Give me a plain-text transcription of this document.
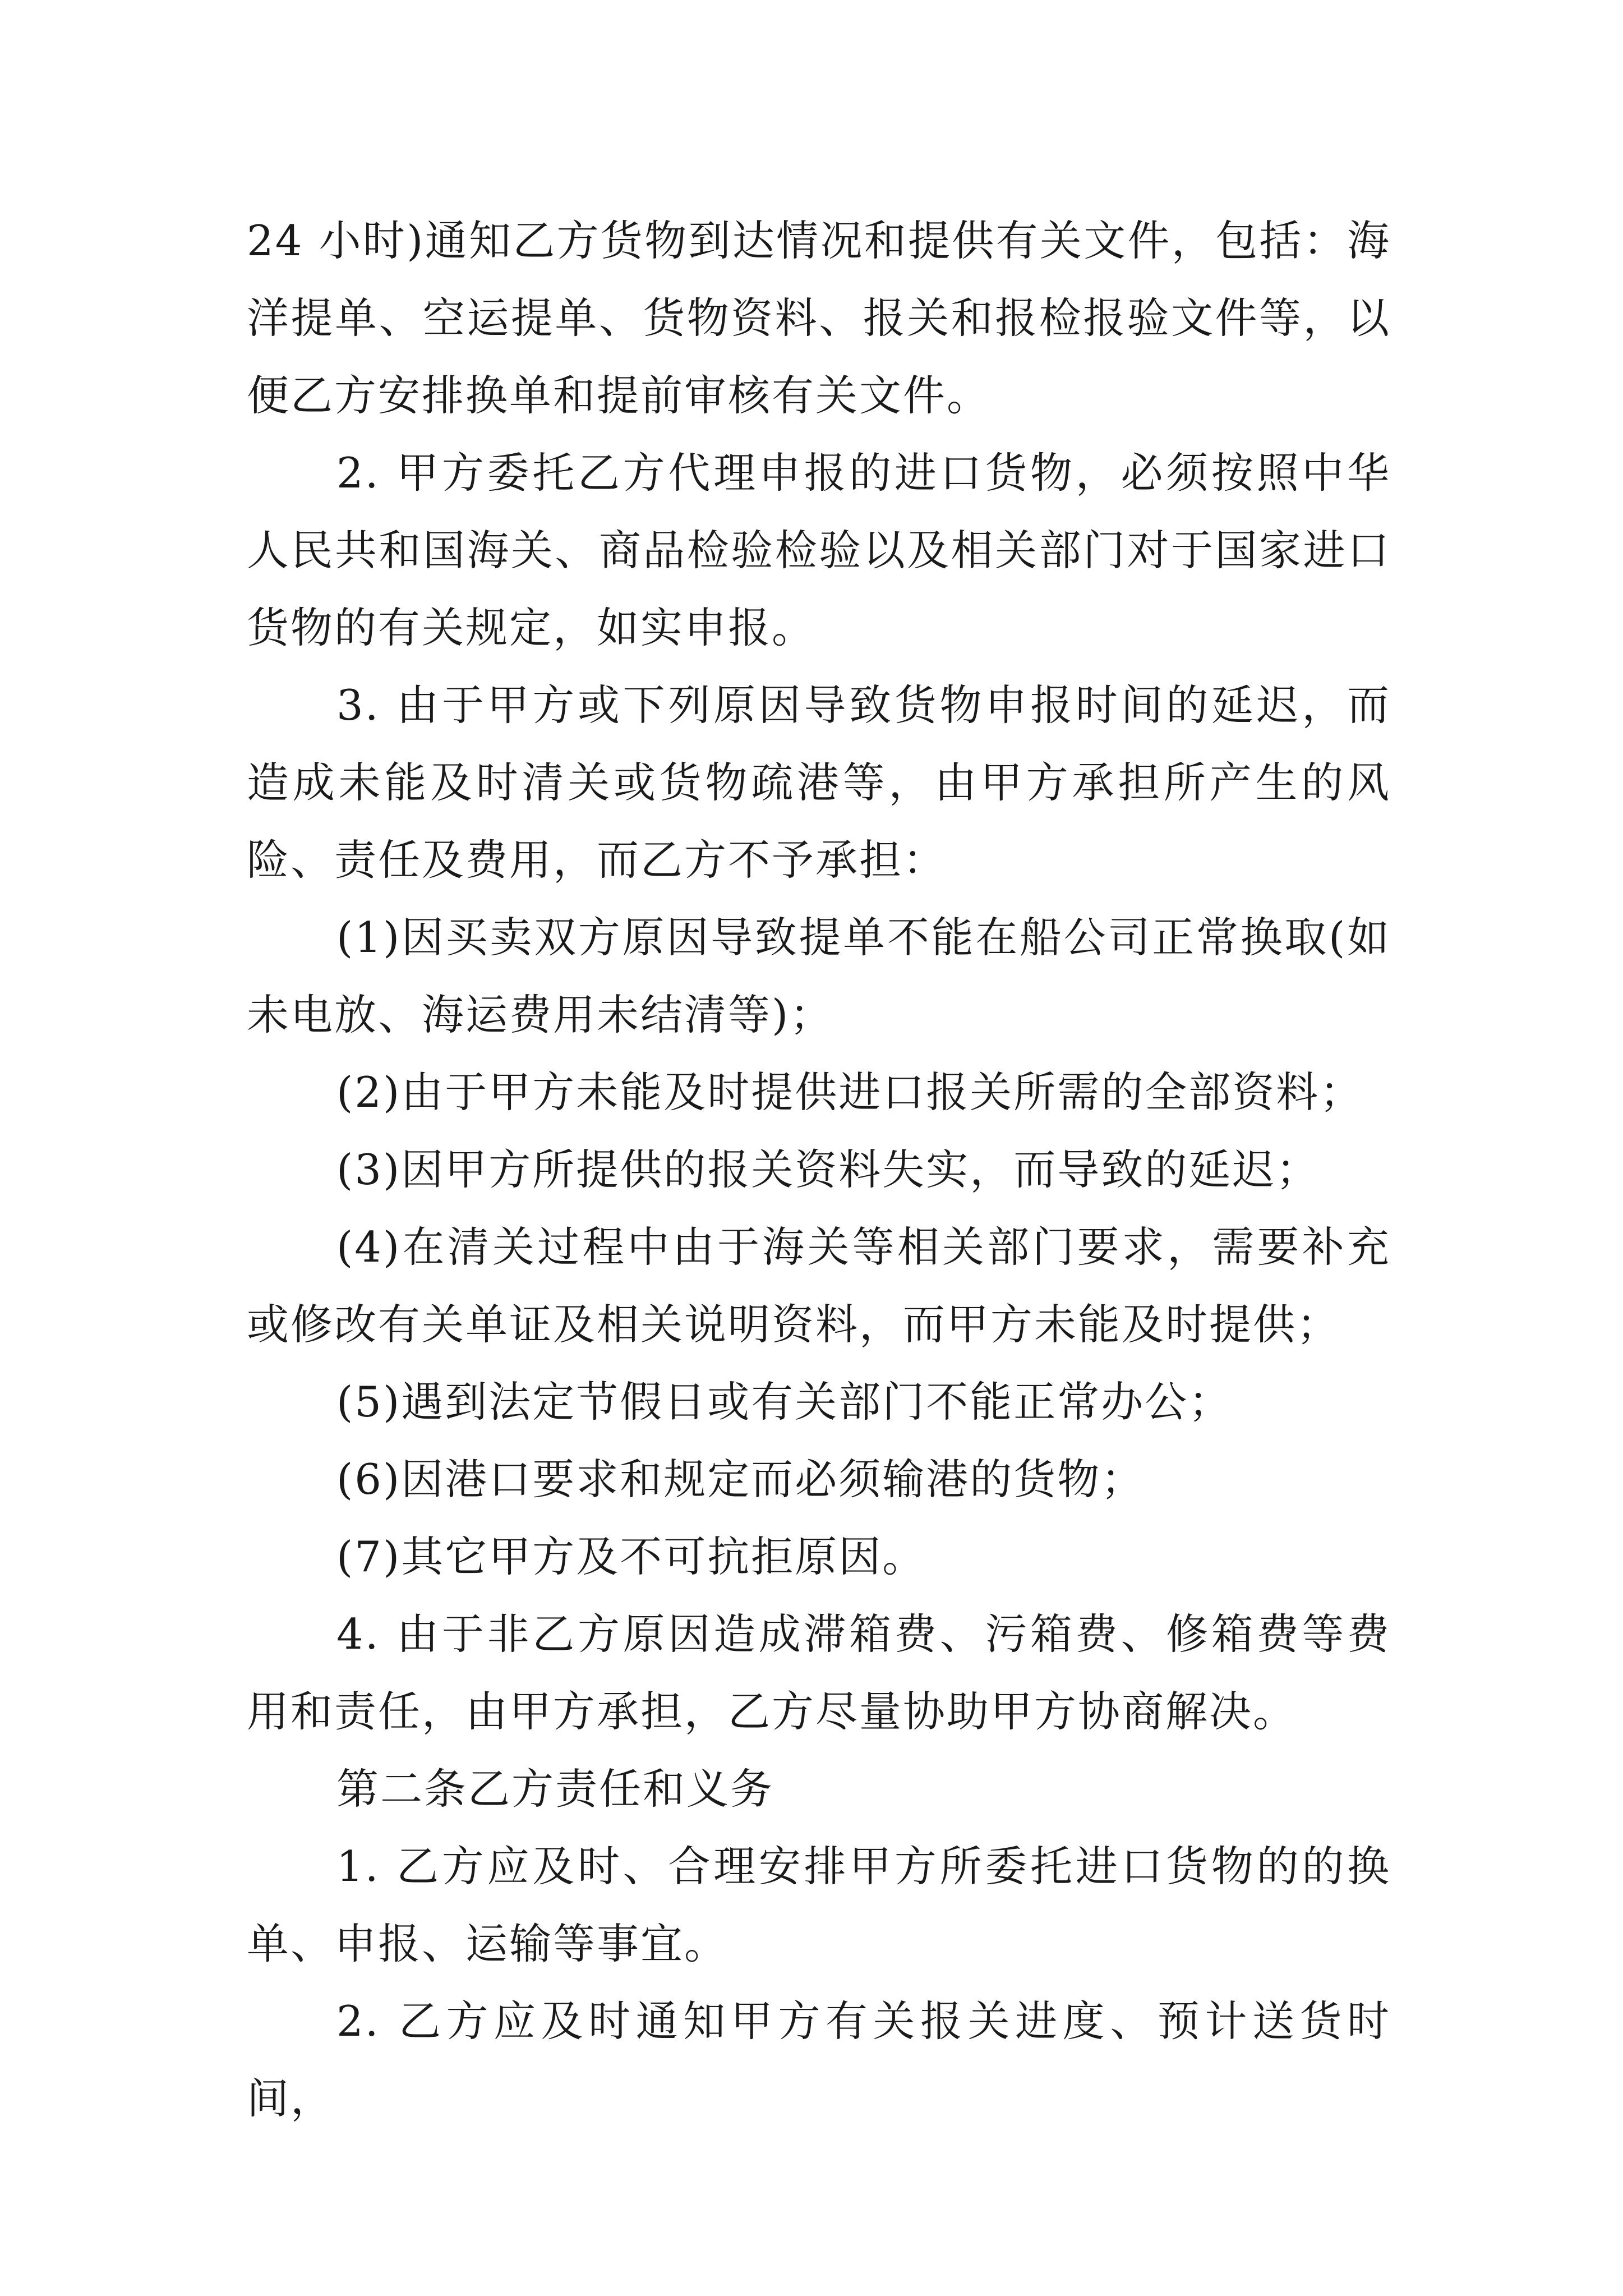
24 小时)通知乙方货物到达情况和提供有关文件，包括：海洋提单、空运提单、货物资料、报关和报检报验文件等，以便乙方安排换单和提前审核有关文件。

2. 甲方委托乙方代理申报的进口货物，必须按照中华人民共和国海关、商品检验检验以及相关部门对于国家进口货物的有关规定，如实申报。

3. 由于甲方或下列原因导致货物申报时间的延迟，而造成未能及时清关或货物疏港等，由甲方承担所产生的风险、责任及费用，而乙方不予承担：

(1)因买卖双方原因导致提单不能在船公司正常换取(如未电放、海运费用未结清等)；

(2)由于甲方未能及时提供进口报关所需的全部资料；

(3)因甲方所提供的报关资料失实，而导致的延迟；

(4)在清关过程中由于海关等相关部门要求，需要补充或修改有关单证及相关说明资料，而甲方未能及时提供；

(5)遇到法定节假日或有关部门不能正常办公；

(6)因港口要求和规定而必须输港的货物；

(7)其它甲方及不可抗拒原因。

4. 由于非乙方原因造成滞箱费、污箱费、修箱费等费用和责任，由甲方承担，乙方尽量协助甲方协商解决。

第二条乙方责任和义务

1. 乙方应及时、合理安排甲方所委托进口货物的的换单、申报、运输等事宜。

2. 乙方应及时通知甲方有关报关进度、预计送货时间，
